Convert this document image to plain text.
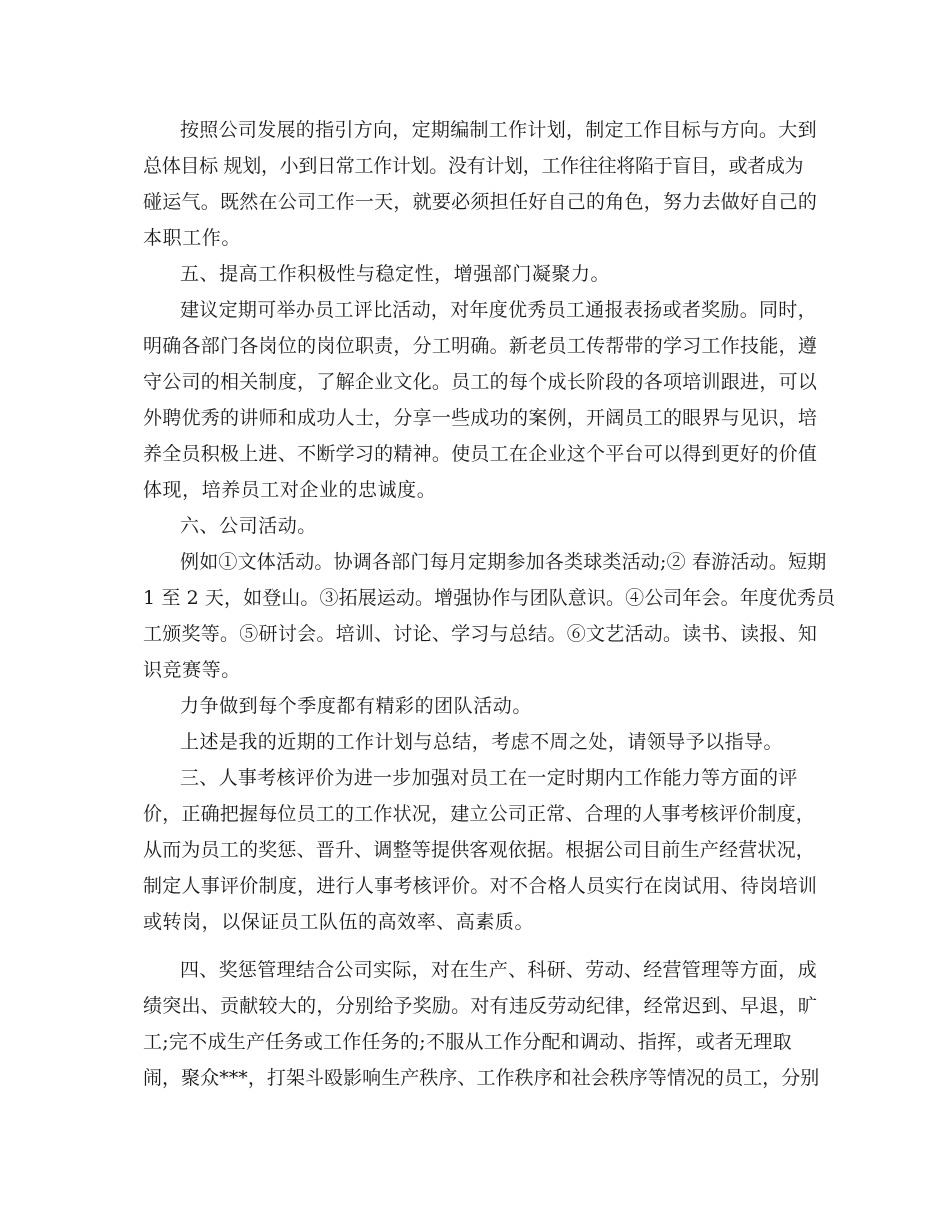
按照公司发展的指引方向，定期编制工作计划，制定工作目标与方向。大到

总体目标 规划，小到日常工作计划。没有计划，工作往往将陷于盲目，或者成为

碰运气。既然在公司工作一天，就要必须担任好自己的角色，努力去做好自己的

本职工作。

五、提高工作积极性与稳定性，增强部门凝聚力。

建议定期可举办员工评比活动，对年度优秀员工通报表扬或者奖励。同时，

明确各部门各岗位的岗位职责，分工明确。新老员工传帮带的学习工作技能，遵

守公司的相关制度，了解企业文化。员工的每个成长阶段的各项培训跟进，可以

外聘优秀的讲师和成功人士，分享一些成功的案例，开阔员工的眼界与见识，培

养全员积极上进、不断学习的精神。使员工在企业这个平台可以得到更好的价值

体现，培养员工对企业的忠诚度。

六、公司活动。

例如①文体活动。协调各部门每月定期参加各类球类活动;② 春游活动。短期

1 至 2 天，如登山。③拓展运动。增强协作与团队意识。④公司年会。年度优秀员

工颁奖等。⑤研讨会。培训、讨论、学习与总结。⑥文艺活动。读书、读报、知

识竞赛等。

力争做到每个季度都有精彩的团队活动。

上述是我的近期的工作计划与总结，考虑不周之处，请领导予以指导。

三、人事考核评价为进一步加强对员工在一定时期内工作能力等方面的评

价，正确把握每位员工的工作状况，建立公司正常、合理的人事考核评价制度，

从而为员工的奖惩、晋升、调整等提供客观依据。根据公司目前生产经营状况，

制定人事评价制度，进行人事考核评价。对不合格人员实行在岗试用、待岗培训

或转岗，以保证员工队伍的高效率、高素质。

四、奖惩管理结合公司实际，对在生产、科研、劳动、经营管理等方面，成

绩突出、贡献较大的，分别给予奖励。对有违反劳动纪律，经常迟到、早退，旷

工;完不成生产任务或工作任务的;不服从工作分配和调动、指挥，或者无理取

闹，聚众***，打架斗殴影响生产秩序、工作秩序和社会秩序等情况的员工，分别
